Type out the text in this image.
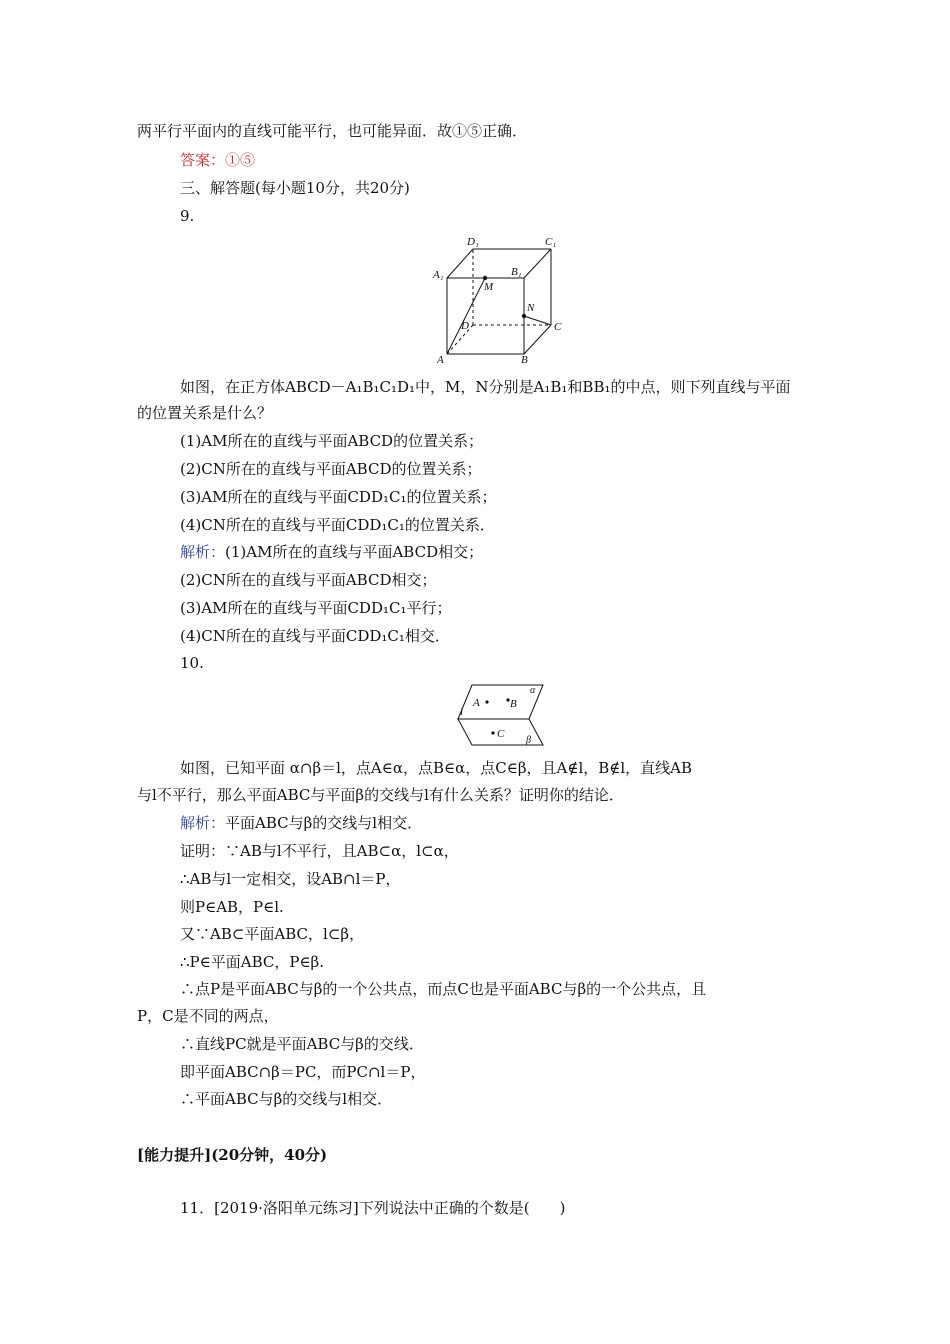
两平行平面内的直线可能平行，也可能异面．故①⑤正确．
答案：①⑤
三、解答题(每小题10分，共20分)
9.
D₁	C₁
A₁	B₁
M
N
D	C
A	B
如图，在正方体ABCD－A₁B₁C₁D₁中，M，N分别是A₁B₁和BB₁的中点，则下列直线与平面
的位置关系是什么？
(1)AM所在的直线与平面ABCD的位置关系；
(2)CN所在的直线与平面ABCD的位置关系；
(3)AM所在的直线与平面CDD₁C₁的位置关系；
(4)CN所在的直线与平面CDD₁C₁的位置关系．
解析：(1)AM所在的直线与平面ABCD相交；
(2)CN所在的直线与平面ABCD相交；
(3)AM所在的直线与平面CDD₁C₁平行；
(4)CN所在的直线与平面CDD₁C₁相交．
10.
A	B
C
α
β
l
如图，已知平面 α∩β＝l，点A∈α，点B∈α，点C∈β，且A∉l，B∉l，直线AB
与l不平行，那么平面ABC与平面β的交线与l有什么关系？证明你的结论．
解析：平面ABC与β的交线与l相交．
证明：∵AB与l不平行，且AB⊂α，l⊂α，
∴AB与l一定相交，设AB∩l＝P，
则P∈AB，P∈l.
又∵AB⊂平面ABC，l⊂β，
∴P∈平面ABC，P∈β.
∴点P是平面ABC与β的一个公共点，而点C也是平面ABC与β的一个公共点，且
P，C是不同的两点，
∴直线PC就是平面ABC与β的交线．
即平面ABC∩β＝PC，而PC∩l＝P，
∴平面ABC与β的交线与l相交．
[能力提升](20分钟，40分)
11．[2019·洛阳单元练习]下列说法中正确的个数是(　　)
